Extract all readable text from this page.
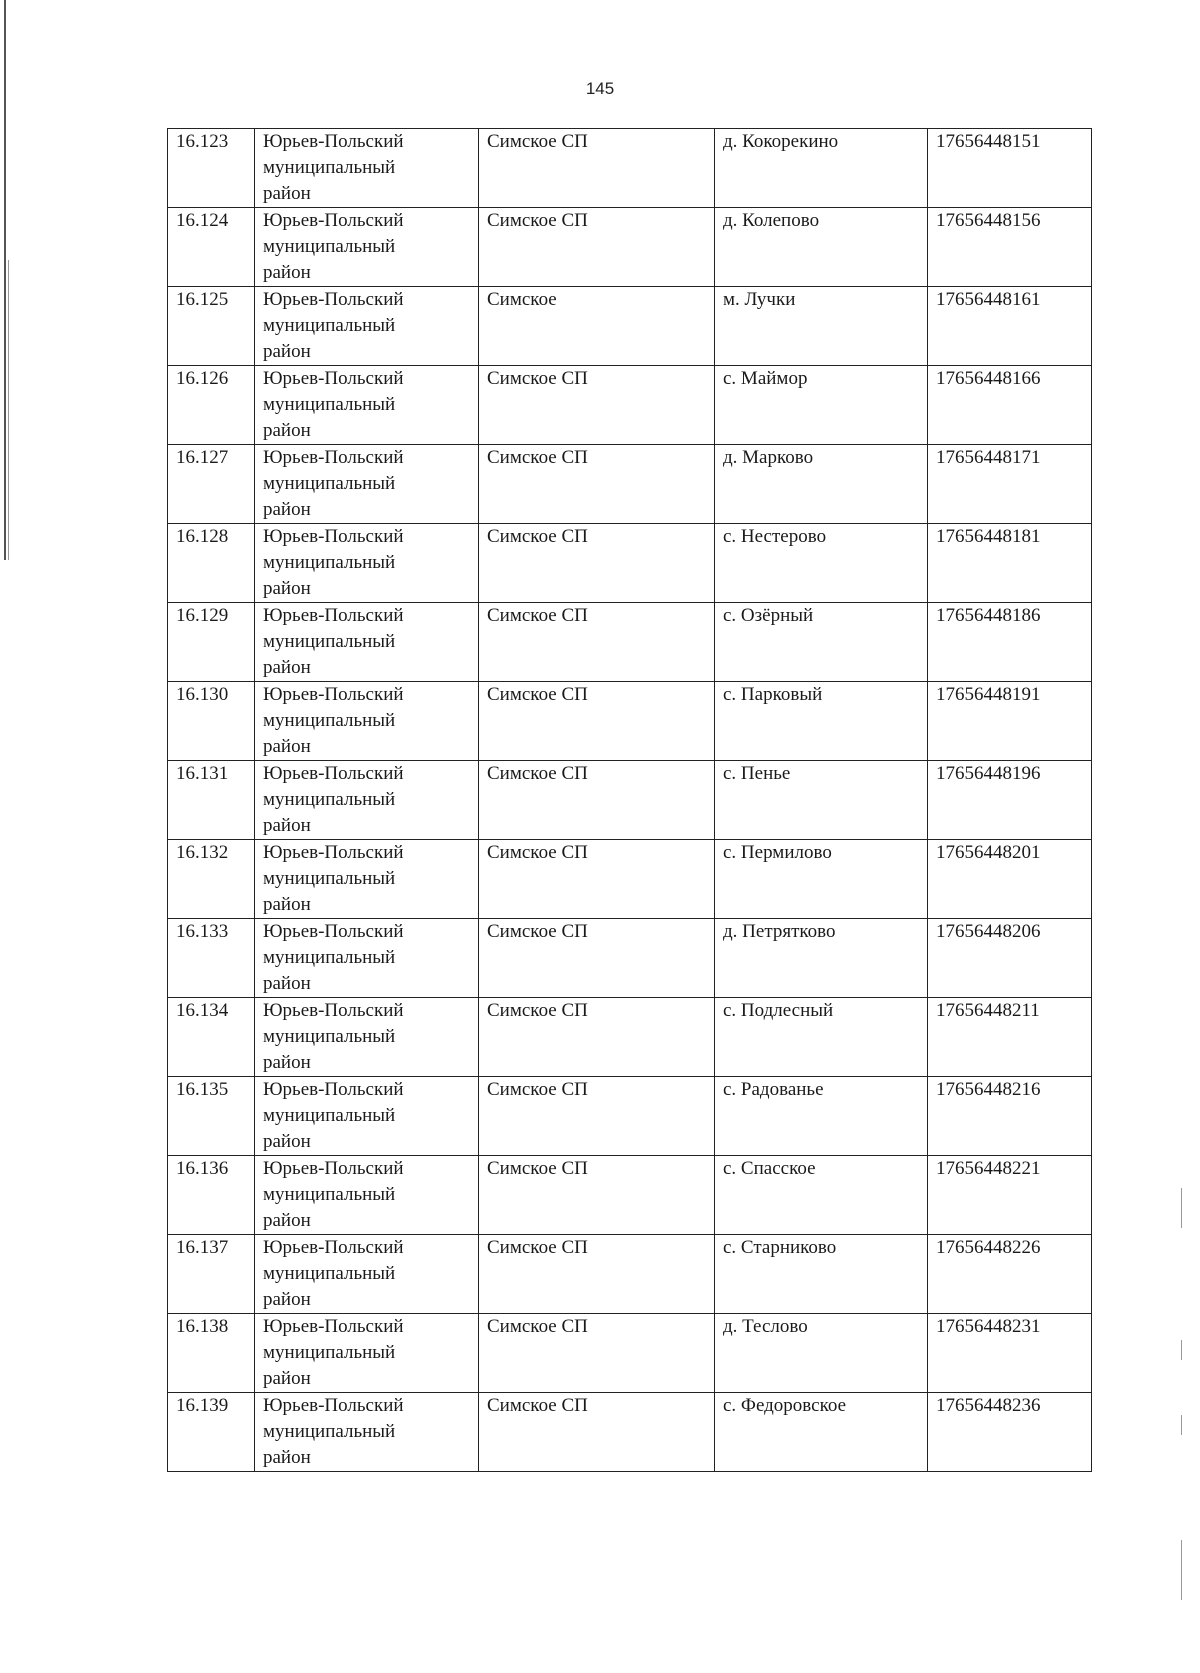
145
16.123	Юрьев-Польский
муниципальный
район	Симское СП	д. Кокорекино	17656448151
16.124	Юрьев-Польский
муниципальный
район	Симское СП	д. Колепово	17656448156
16.125	Юрьев-Польский
муниципальный
район	Симское	м. Лучки	17656448161
16.126	Юрьев-Польский
муниципальный
район	Симское СП	с. Маймор	17656448166
16.127	Юрьев-Польский
муниципальный
район	Симское СП	д. Марково	17656448171
16.128	Юрьев-Польский
муниципальный
район	Симское СП	с. Нестерово	17656448181
16.129	Юрьев-Польский
муниципальный
район	Симское СП	с. Озёрный	17656448186
16.130	Юрьев-Польский
муниципальный
район	Симское СП	с. Парковый	17656448191
16.131	Юрьев-Польский
муниципальный
район	Симское СП	с. Пенье	17656448196
16.132	Юрьев-Польский
муниципальный
район	Симское СП	с. Пермилово	17656448201
16.133	Юрьев-Польский
муниципальный
район	Симское СП	д. Петрятково	17656448206
16.134	Юрьев-Польский
муниципальный
район	Симское СП	с. Подлесный	17656448211
16.135	Юрьев-Польский
муниципальный
район	Симское СП	с. Радованье	17656448216
16.136	Юрьев-Польский
муниципальный
район	Симское СП	с. Спасское	17656448221
16.137	Юрьев-Польский
муниципальный
район	Симское СП	с. Старниково	17656448226
16.138	Юрьев-Польский
муниципальный
район	Симское СП	д. Теслово	17656448231
16.139	Юрьев-Польский
муниципальный
район	Симское СП	с. Федоровское	17656448236
